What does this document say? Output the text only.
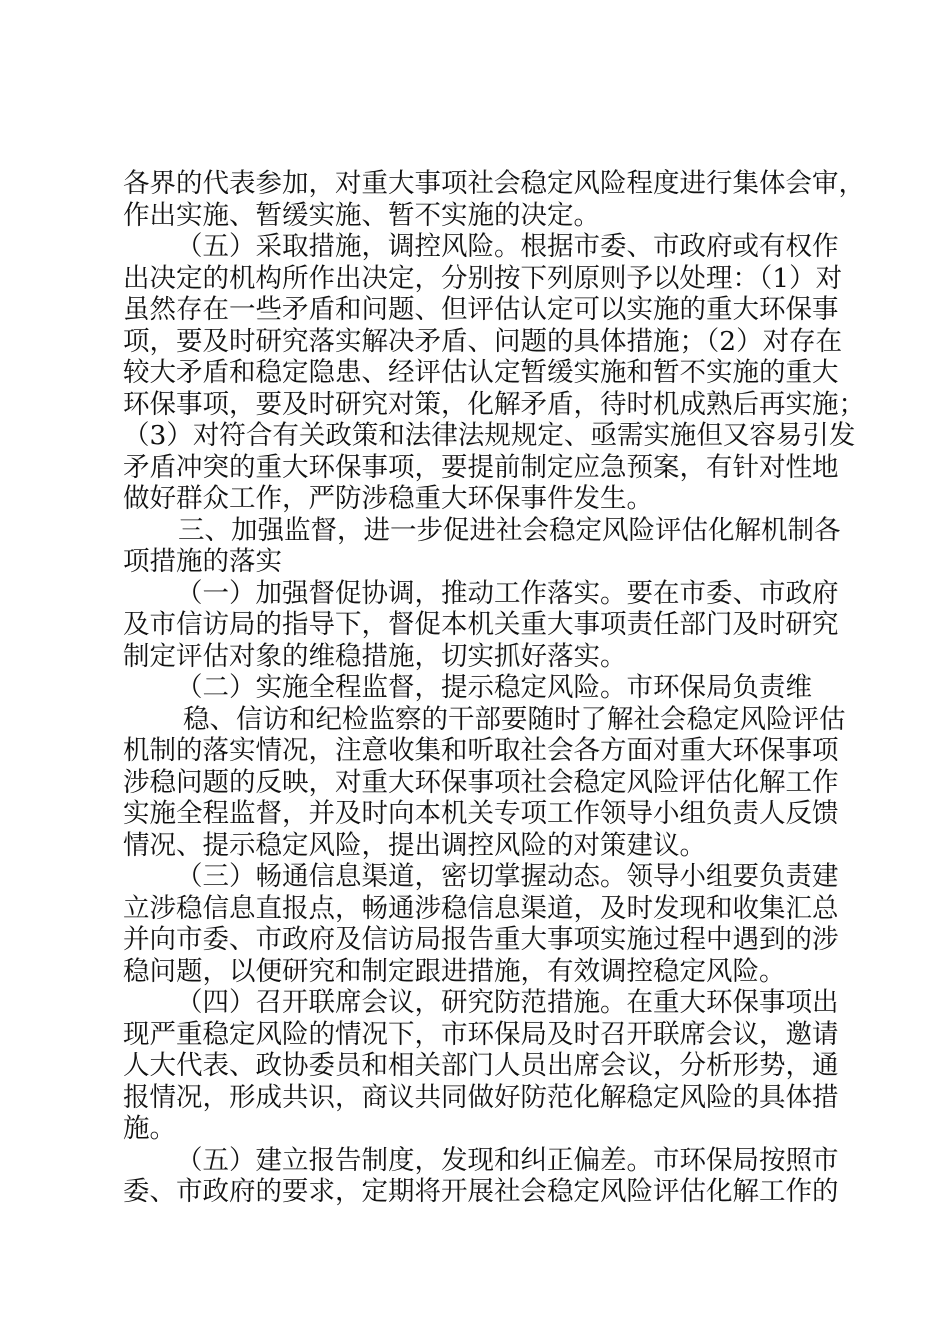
各界的代表参加，对重大事项社会稳定风险程度进行集体会审，
作出实施、暂缓实施、暂不实施的决定。
（五）采取措施，调控风险。根据市委、市政府或有权作
出决定的机构所作出决定，分别按下列原则予以处理：（1）对
虽然存在一些矛盾和问题、但评估认定可以实施的重大环保事
项，要及时研究落实解决矛盾、问题的具体措施；（2）对存在
较大矛盾和稳定隐患、经评估认定暂缓实施和暂不实施的重大
环保事项，要及时研究对策，化解矛盾，待时机成熟后再实施；
（3）对符合有关政策和法律法规规定、亟需实施但又容易引发
矛盾冲突的重大环保事项，要提前制定应急预案，有针对性地
做好群众工作，严防涉稳重大环保事件发生。
三、加强监督，进一步促进社会稳定风险评估化解机制各
项措施的落实
（一）加强督促协调，推动工作落实。要在市委、市政府
及市信访局的指导下，督促本机关重大事项责任部门及时研究
制定评估对象的维稳措施，切实抓好落实。
（二）实施全程监督，提示稳定风险。市环保局负责维
稳、信访和纪检监察的干部要随时了解社会稳定风险评估
机制的落实情况，注意收集和听取社会各方面对重大环保事项
涉稳问题的反映，对重大环保事项社会稳定风险评估化解工作
实施全程监督，并及时向本机关专项工作领导小组负责人反馈
情况、提示稳定风险，提出调控风险的对策建议。
（三）畅通信息渠道，密切掌握动态。领导小组要负责建
立涉稳信息直报点，畅通涉稳信息渠道，及时发现和收集汇总
并向市委、市政府及信访局报告重大事项实施过程中遇到的涉
稳问题，以便研究和制定跟进措施，有效调控稳定风险。
（四）召开联席会议，研究防范措施。在重大环保事项出
现严重稳定风险的情况下，市环保局及时召开联席会议，邀请
人大代表、政协委员和相关部门人员出席会议，分析形势，通
报情况，形成共识，商议共同做好防范化解稳定风险的具体措
施。
（五）建立报告制度，发现和纠正偏差。市环保局按照市
委、市政府的要求，定期将开展社会稳定风险评估化解工作的
